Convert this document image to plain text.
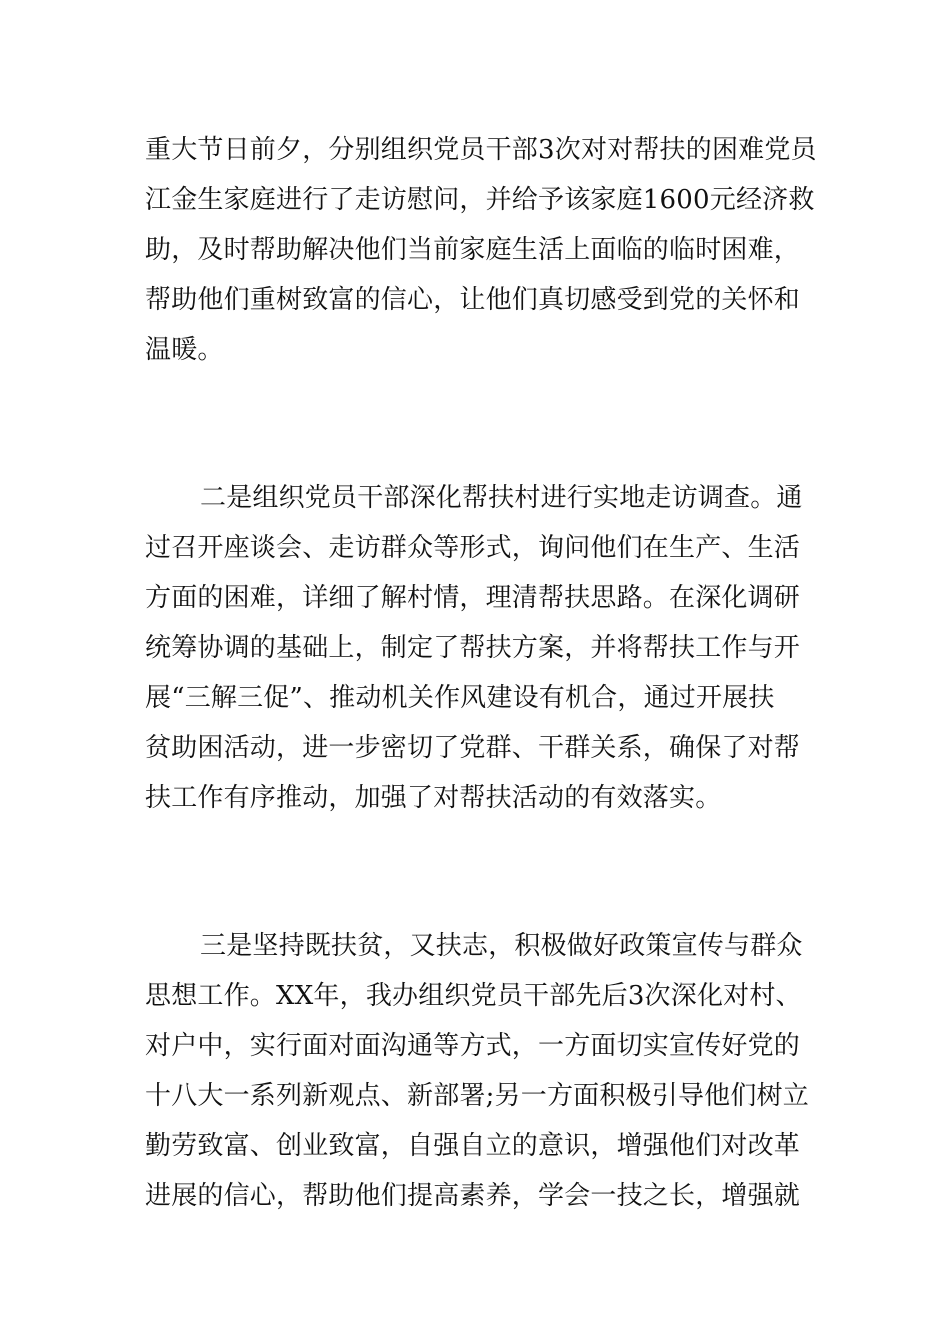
重大节日前夕，分别组织党员干部3次对对帮扶的困难党员

江金生家庭进行了走访慰问，并给予该家庭1600元经济救

助，及时帮助解决他们当前家庭生活上面临的临时困难，

帮助他们重树致富的信心，让他们真切感受到党的关怀和

温暖。

二是组织党员干部深化帮扶村进行实地走访调查。通

过召开座谈会、走访群众等形式，询问他们在生产、生活

方面的困难，详细了解村情，理清帮扶思路。在深化调研

统筹协调的基础上，制定了帮扶方案，并将帮扶工作与开

展“三解三促”、推动机关作风建设有机合，通过开展扶

贫助困活动，进一步密切了党群、干群关系，确保了对帮

扶工作有序推动，加强了对帮扶活动的有效落实。

三是坚持既扶贫，又扶志，积极做好政策宣传与群众

思想工作。XX年，我办组织党员干部先后3次深化对村、

对户中，实行面对面沟通等方式，一方面切实宣传好党的

十八大一系列新观点、新部署;另一方面积极引导他们树立

勤劳致富、创业致富，自强自立的意识，增强他们对改革

进展的信心，帮助他们提高素养，学会一技之长，增强就
